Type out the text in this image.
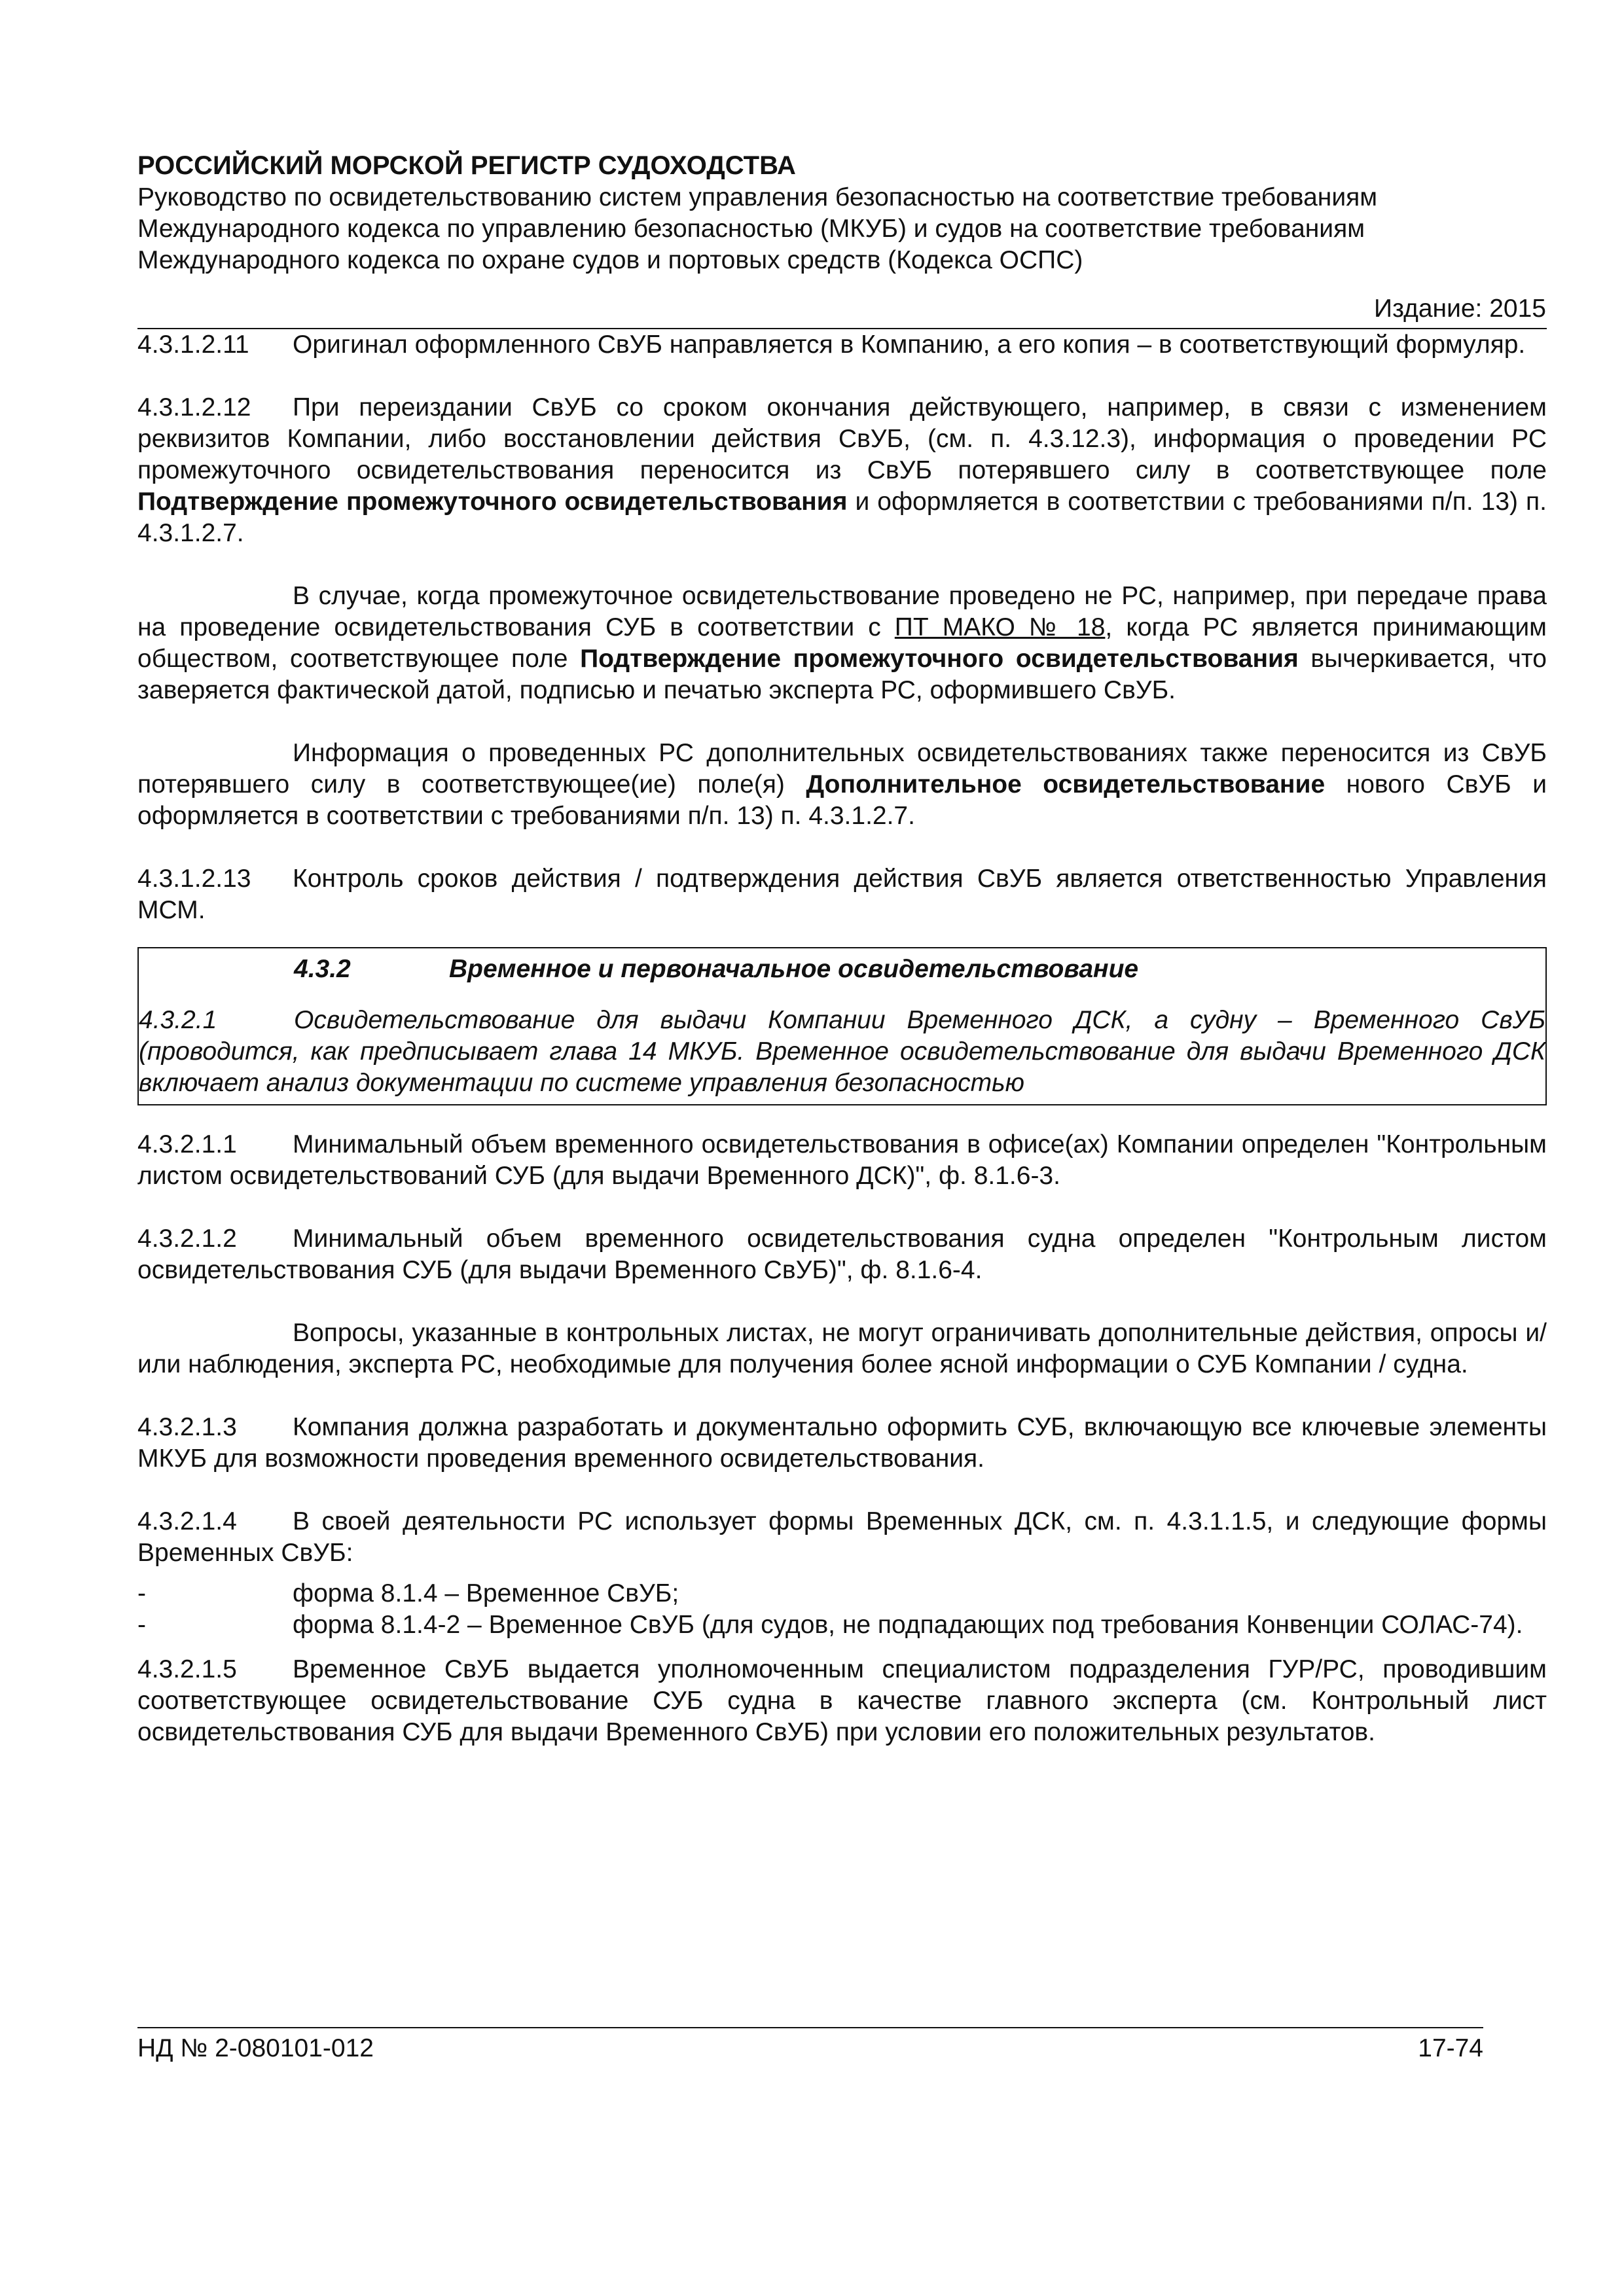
РОССИЙСКИЙ МОРСКОЙ РЕГИСТР СУДОХОДСТВА
Руководство по освидетельствованию систем управления безопасностью на соответствие требованиям
Международного кодекса по управлению безопасностью (МКУБ) и судов на соответствие требованиям
Международного кодекса по охране судов и портовых средств (Кодекса ОСПС)
Издание: 2015

4.3.1.2.11 Оригинал оформленного СвУБ направляется в Компанию, а его копия – в соответствующий формуляр.

4.3.1.2.12 При переиздании СвУБ со сроком окончания действующего, например, в связи с изменением реквизитов Компании, либо восстановлении действия СвУБ, (см. п. 4.3.12.3), информация о проведении РС промежуточного освидетельствования переносится из СвУБ потерявшего силу в соответствующее поле Подтверждение промежуточного освидетельствования и оформляется в соответствии с требованиями п/п. 13) п. 4.3.1.2.7.

В случае, когда промежуточное освидетельствование проведено не РС, например, при передаче права на проведение освидетельствования СУБ в соответствии с ПТ МАКО № 18, когда РС является принимающим обществом, соответствующее поле Подтверждение промежуточного освидетельствования вычеркивается, что заверяется фактической датой, подписью и печатью эксперта РС, оформившего СвУБ.

Информация о проведенных РС дополнительных освидетельствованиях также переносится из СвУБ потерявшего силу в соответствующее(ие) поле(я) Дополнительное освидетельствование нового СвУБ и оформляется в соответствии с требованиями п/п. 13) п. 4.3.1.2.7.

4.3.1.2.13 Контроль сроков действия / подтверждения действия СвУБ является ответственностью Управления МСМ.

4.3.2	Временное и первоначальное освидетельствование

4.3.2.1	Освидетельствование для выдачи Компании Временного ДСК, а судну – Временного СвУБ (проводится, как предписывает глава 14 МКУБ. Временное освидетельствование для выдачи Временного ДСК включает анализ документации по системе управления безопасностью

4.3.2.1.1 Минимальный объем временного освидетельствования в офисе(ах) Компании определен "Контрольным листом освидетельствований СУБ (для выдачи Временного ДСК)", ф. 8.1.6-3.

4.3.2.1.2 Минимальный объем временного освидетельствования судна определен "Контрольным листом освидетельствования СУБ (для выдачи Временного СвУБ)", ф. 8.1.6-4.

Вопросы, указанные в контрольных листах, не могут ограничивать дополнительные действия, опросы и/или наблюдения, эксперта РС, необходимые для получения более ясной информации о СУБ Компании / судна.

4.3.2.1.3 Компания должна разработать и документально оформить СУБ, включающую все ключевые элементы МКУБ для возможности проведения временного освидетельствования.

4.3.2.1.4 В своей деятельности РС использует формы Временных ДСК, см. п. 4.3.1.1.5, и следующие формы Временных СвУБ:

-	форма 8.1.4 – Временное СвУБ;
-	форма 8.1.4-2 – Временное СвУБ (для судов, не подпадающих под требования Конвенции СОЛАС-74).

4.3.2.1.5 Временное СвУБ выдается уполномоченным специалистом подразделения ГУР/РС, проводившим соответствующее освидетельствование СУБ судна в качестве главного эксперта (см. Контрольный лист освидетельствования СУБ для выдачи Временного СвУБ) при условии его положительных результатов.

НД № 2-080101-012	17-74
